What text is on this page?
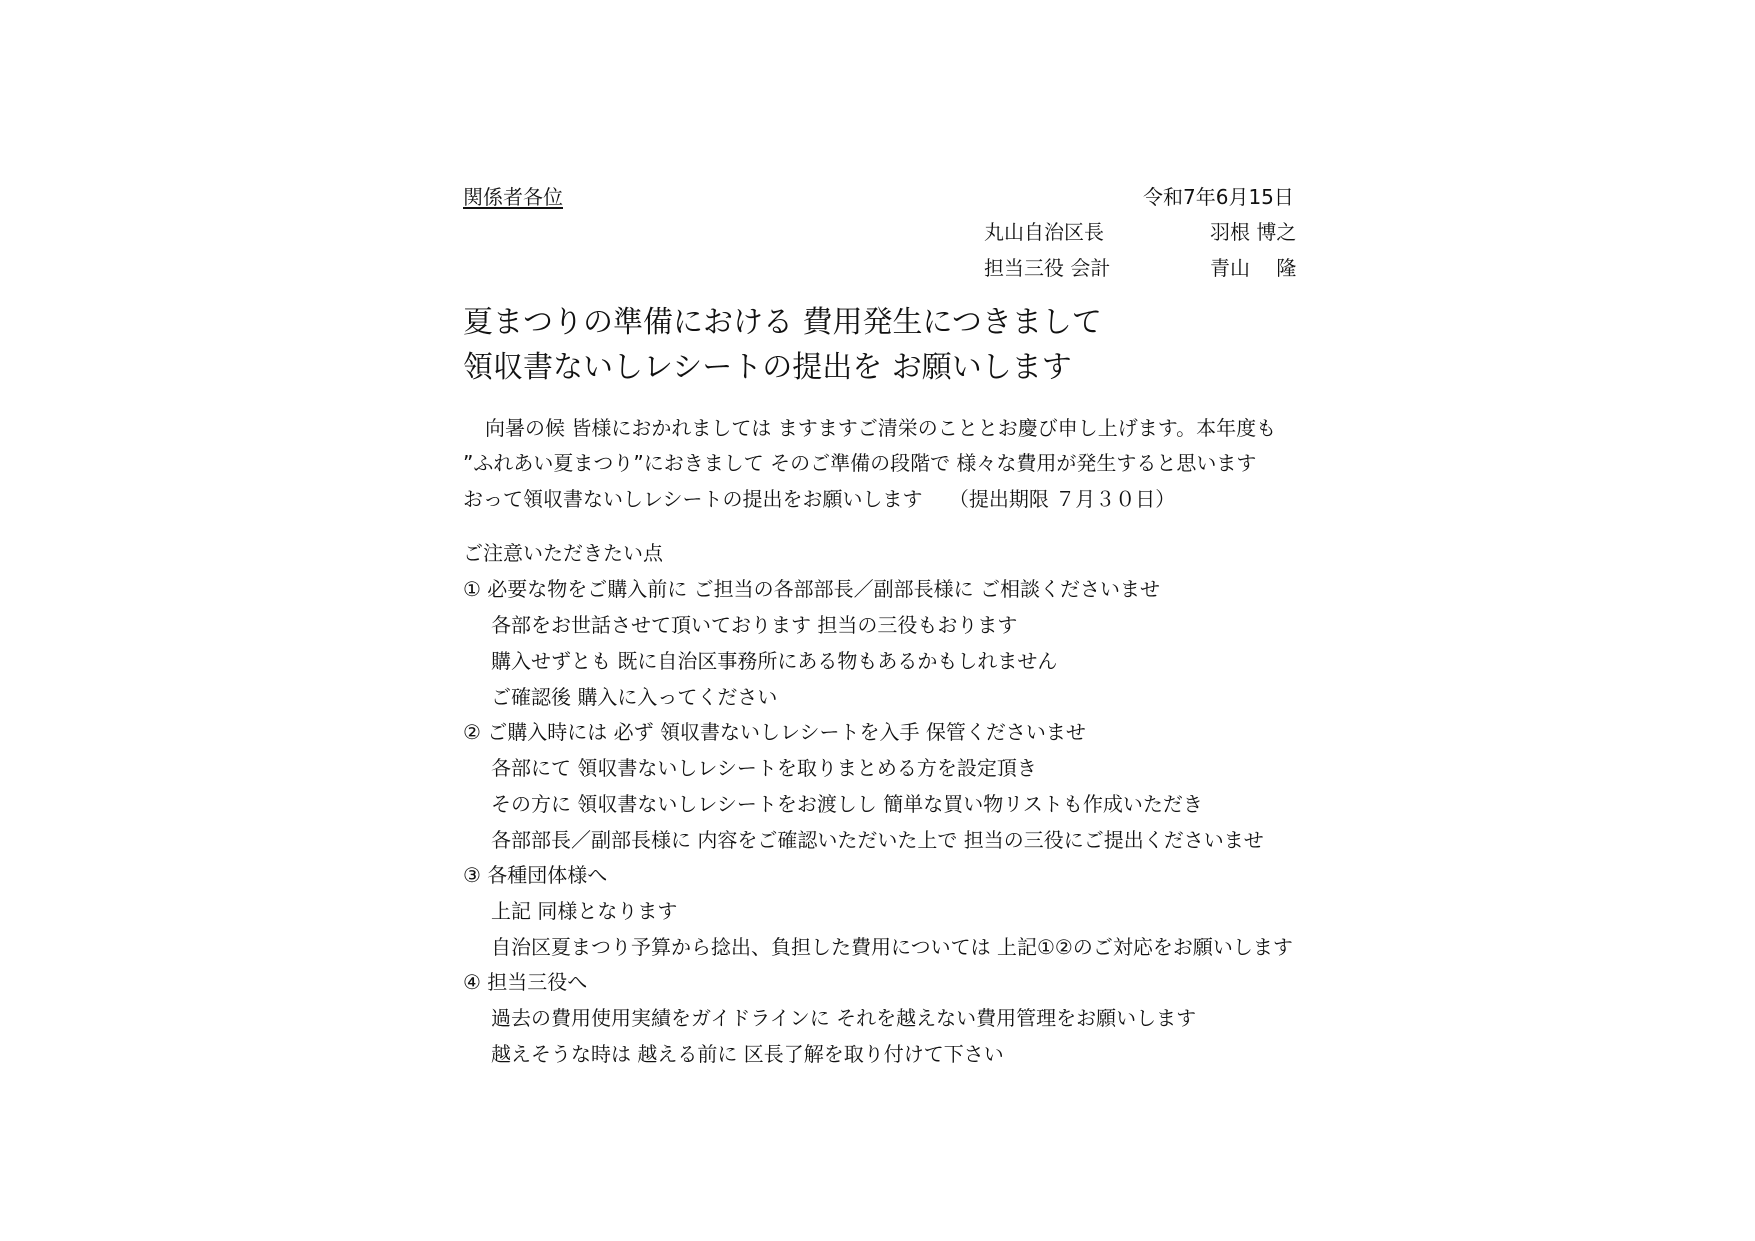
関係者各位	令和7年6月15日
丸山自治区長	羽根 博之
担当三役 会計	青山　 隆
夏まつりの準備における 費用発生につきまして
領収書ないしレシートの提出を お願いします
向暑の候 皆様におかれましては ますますご清栄のこととお慶び申し上げます。本年度も
”ふれあい夏まつり”におきまして そのご準備の段階で 様々な費用が発生すると思います
おって領収書ないしレシートの提出をお願いします　 （提出期限 ７月３０日）
ご注意いただきたい点
① 必要な物をご購入前に ご担当の各部部長／副部長様に ご相談くださいませ
各部をお世話させて頂いております 担当の三役もおります
購入せずとも 既に自治区事務所にある物もあるかもしれません
ご確認後 購入に入ってください
② ご購入時には 必ず 領収書ないしレシートを入手 保管くださいませ
各部にて 領収書ないしレシートを取りまとめる方を設定頂き
その方に 領収書ないしレシートをお渡しし 簡単な買い物リストも作成いただき
各部部長／副部長様に 内容をご確認いただいた上で 担当の三役にご提出くださいませ
③ 各種団体様へ
上記 同様となります
自治区夏まつり予算から捻出、負担した費用については 上記①②のご対応をお願いします
④ 担当三役へ
過去の費用使用実績をガイドラインに それを越えない費用管理をお願いします
越えそうな時は 越える前に 区長了解を取り付けて下さい
